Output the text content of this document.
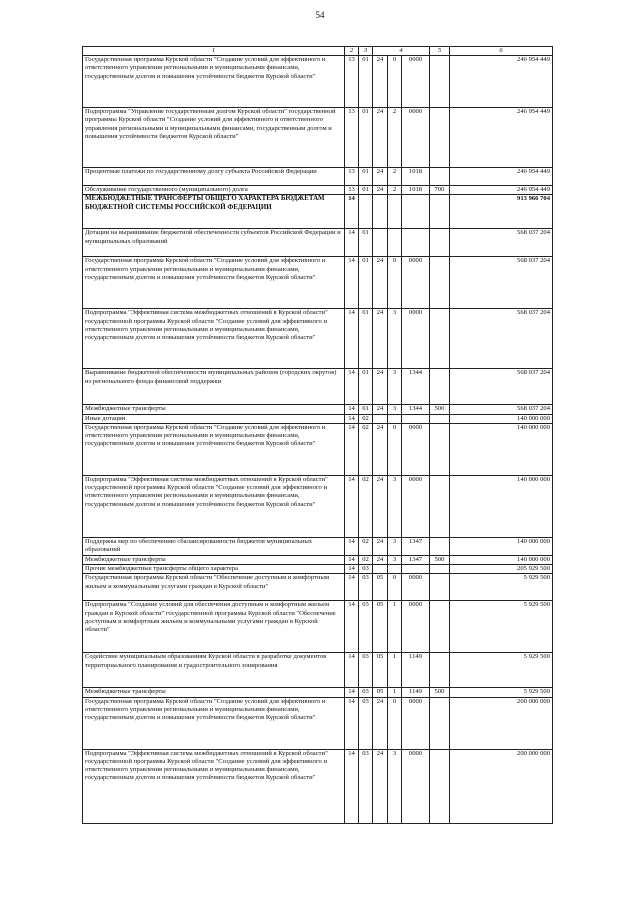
54
1	2	3	4			5	6
Государственная программа Курской области "Создание условий для эффективного и ответственного управления региональными и муниципальными финансами, государственным долгом и повышения устойчивости бюджетов Курской области"	13	01	24	0	0000		246 954 449
Подпрограмма "Управление государственным долгом Курской области" государственной программы Курской области "Создание условий для эффективного и ответственного управления региональными и муниципальными финансами, государственным долгом и повышения устойчивости бюджетов Курской области"	13	01	24	2	0000		246 954 449
Процентные платежи по государственному долгу субъекта Российской Федерации	13	01	24	2	1018		246 954 449
Обслуживание государственного (муниципального) долга	13	01	24	2	1018	700	246 954 449
МЕЖБЮДЖЕТНЫЕ ТРАНСФЕРТЫ ОБЩЕГО ХАРАКТЕРА БЮДЖЕТАМ БЮДЖЕТНОЙ СИСТЕМЫ РОССИЙСКОЙ ФЕДЕРАЦИИ	14						913 966 704
Дотации на выравнивание бюджетной обеспеченности субъектов Российской Федерации и муниципальных образований	14	01					568 037 204
Государственная программа Курской области "Создание условий для эффективного и ответственного управления региональными и муниципальными финансами, государственным долгом и повышения устойчивости бюджетов Курской области"	14	01	24	0	0000		568 037 204
Подпрограмма "Эффективная система межбюджетных отношений в Курской области" государственной программы Курской области "Создание условий для эффективного и ответственного управления региональными и муниципальными финансами, государственным долгом и повышения устойчивости бюджетов Курской области"	14	01	24	3	0000		568 037 204
Выравнивание бюджетной обеспеченности муниципальных районов (городских округов) из регионального фонда финансовой поддержки	14	01	24	3	1344		568 037 204
Межбюджетные трансферты	14	01	24	3	1344	500	568 037 204
Иные дотации	14	02					140 000 000
Государственная программа Курской области "Создание условий для эффективного и ответственного управления региональными и муниципальными финансами, государственным долгом и повышения устойчивости бюджетов Курской области"	14	02	24	0	0000		140 000 000
Подпрограмма "Эффективная система межбюджетных отношений в Курской области" государственной программы Курской области "Создание условий для эффективного и ответственного управления региональными и муниципальными финансами, государственным долгом и повышения устойчивости бюджетов Курской области"	14	02	24	3	0000		140 000 000
Поддержка мер по обеспечению сбалансированности бюджетов муниципальных образований	14	02	24	3	1347		140 000 000
Межбюджетные трансферты	14	02	24	3	1347	500	140 000 000
Прочие межбюджетные трансферты общего характера	14	03					205 929 500
Государственная программа Курской области "Обеспечение доступным и комфортным жильем и коммунальными услугами граждан в Курской области"	14	03	05	0	0000		5 929 500
Подпрограмма "Создание условий для обеспечения доступным и комфортным жильем граждан в Курской области" государственной программы Курской области "Обеспечение доступным и комфортным жильем и коммунальными услугами граждан в Курской области"	14	03	05	1	0000		5 929 500
Содействие муниципальным образованиям Курской области в разработке документов территориального планирования и градостроительного зонирования	14	03	05	1	1149		5 929 500
Межбюджетные трансферты	14	03	05	1	1149	500	5 929 500
Государственная программа Курской области "Создание условий для эффективного и ответственного управления региональными и муниципальными финансами, государственным долгом и повышения устойчивости бюджетов Курской области"	14	03	24	0	0000		200 000 000
Подпрограмма "Эффективная система межбюджетных отношений в Курской области" государственной программы Курской области "Создание условий для эффективного и ответственного управления региональными и муниципальными финансами, государственным долгом и повышения устойчивости бюджетов Курской области"	14	03	24	3	0000		200 000 000
